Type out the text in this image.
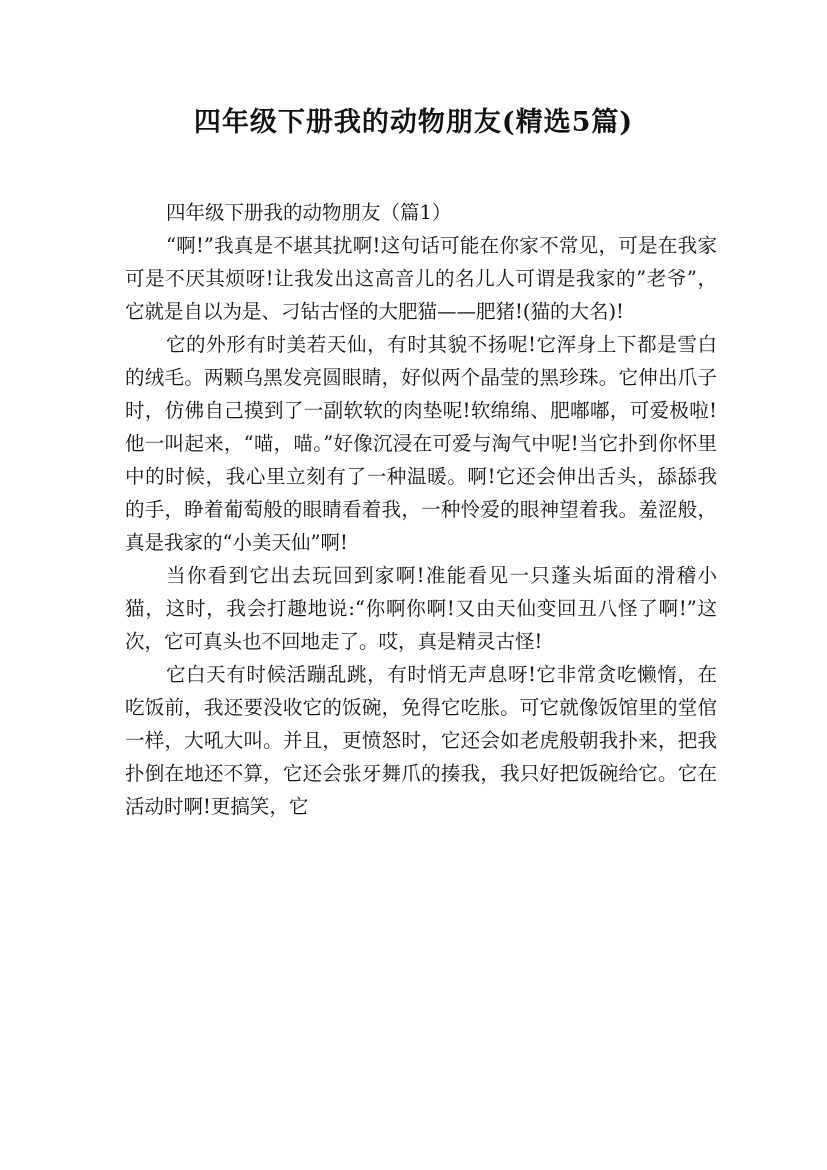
四年级下册我的动物朋友(精选5篇)

四年级下册我的动物朋友（篇1）

“啊!”我真是不堪其扰啊!这句话可能在你家不常见，可是在我家可是不厌其烦呀!让我发出这高音儿的名儿人可谓是我家的”老爷”，它就是自以为是、刁钻古怪的大肥猫——肥猪!(猫的大名)!

它的外形有时美若天仙，有时其貌不扬呢!它浑身上下都是雪白的绒毛。两颗乌黑发亮圆眼睛，好似两个晶莹的黑珍珠。它伸出爪子时，仿佛自己摸到了一副软软的肉垫呢!软绵绵、肥嘟嘟，可爱极啦!他一叫起来，“喵，喵。”好像沉浸在可爱与淘气中呢!当它扑到你怀里中的时候，我心里立刻有了一种温暖。啊!它还会伸出舌头，舔舔我的手，睁着葡萄般的眼睛看着我，一种怜爱的眼神望着我。羞涩般，真是我家的“小美天仙”啊!

当你看到它出去玩回到家啊!准能看见一只蓬头垢面的滑稽小猫，这时，我会打趣地说:“你啊你啊!又由天仙变回丑八怪了啊!”这次，它可真头也不回地走了。哎，真是精灵古怪!

它白天有时候活蹦乱跳，有时悄无声息呀!它非常贪吃懒惰，在吃饭前，我还要没收它的饭碗，免得它吃胀。可它就像饭馆里的堂倌一样，大吼大叫。并且，更愤怒时，它还会如老虎般朝我扑来，把我扑倒在地还不算，它还会张牙舞爪的揍我，我只好把饭碗给它。它在活动时啊!更搞笑，它
